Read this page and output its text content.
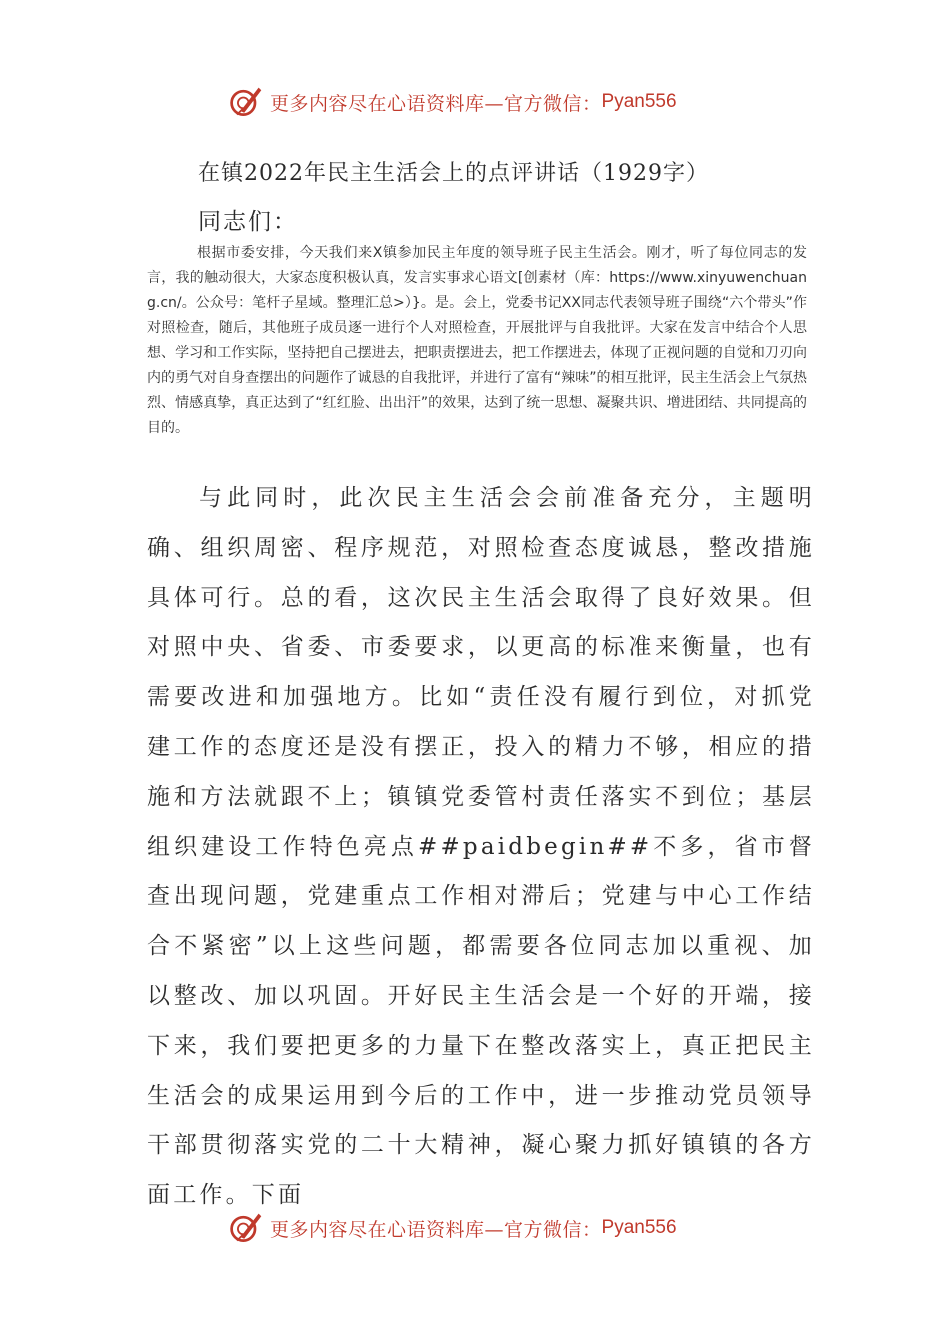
更多内容尽在心语资料库—官方微信： Pyan556
在镇2022年民主生活会上的点评讲话（1929字）
同志们：
根据市委安排，今天我们来X镇参加民主年度的领导班子民主生活会。刚才，听了每位同志的发言，我的触动很大，大家态度积极认真，发言实事求心语文[创素材（库：https://www.xinyuwenchuang.cn/。公众号：笔杆子星域。整理汇总>）}。是。会上，党委书记XX同志代表领导班子围绕“六个带头”作对照检查，随后，其他班子成员逐一进行个人对照检查，开展批评与自我批评。大家在发言中结合个人思想、学习和工作实际，坚持把自己摆进去，把职责摆进去，把工作摆进去，体现了正视问题的自觉和刀刃向内的勇气对自身查摆出的问题作了诚恳的自我批评，并进行了富有“辣味”的相互批评，民主生活会上气氛热烈、情感真挚，真正达到了“红红脸、出出汗”的效果，达到了统一思想、凝聚共识、增进团结、共同提高的目的。
与此同时，此次民主生活会会前准备充分，主题明确、组织周密、程序规范，对照检查态度诚恳，整改措施具体可行。总的看，这次民主生活会取得了良好效果。但对照中央、省委、市委要求，以更高的标准来衡量，也有需要改进和加强地方。比如“责任没有履行到位，对抓党建工作的态度还是没有摆正，投入的精力不够，相应的措施和方法就跟不上；镇镇党委管村责任落实不到位；基层组织建设工作特色亮点##paidbegin##不多，省市督查出现问题，党建重点工作相对滞后；党建与中心工作结合不紧密”以上这些问题，都需要各位同志加以重视、加以整改、加以巩固。开好民主生活会是一个好的开端，接下来，我们要把更多的力量下在整改落实上，真正把民主生活会的成果运用到今后的工作中，进一步推动党员领导干部贯彻落实党的二十大精神，凝心聚力抓好镇镇的各方面工作。下面
更多内容尽在心语资料库—官方微信： Pyan556
